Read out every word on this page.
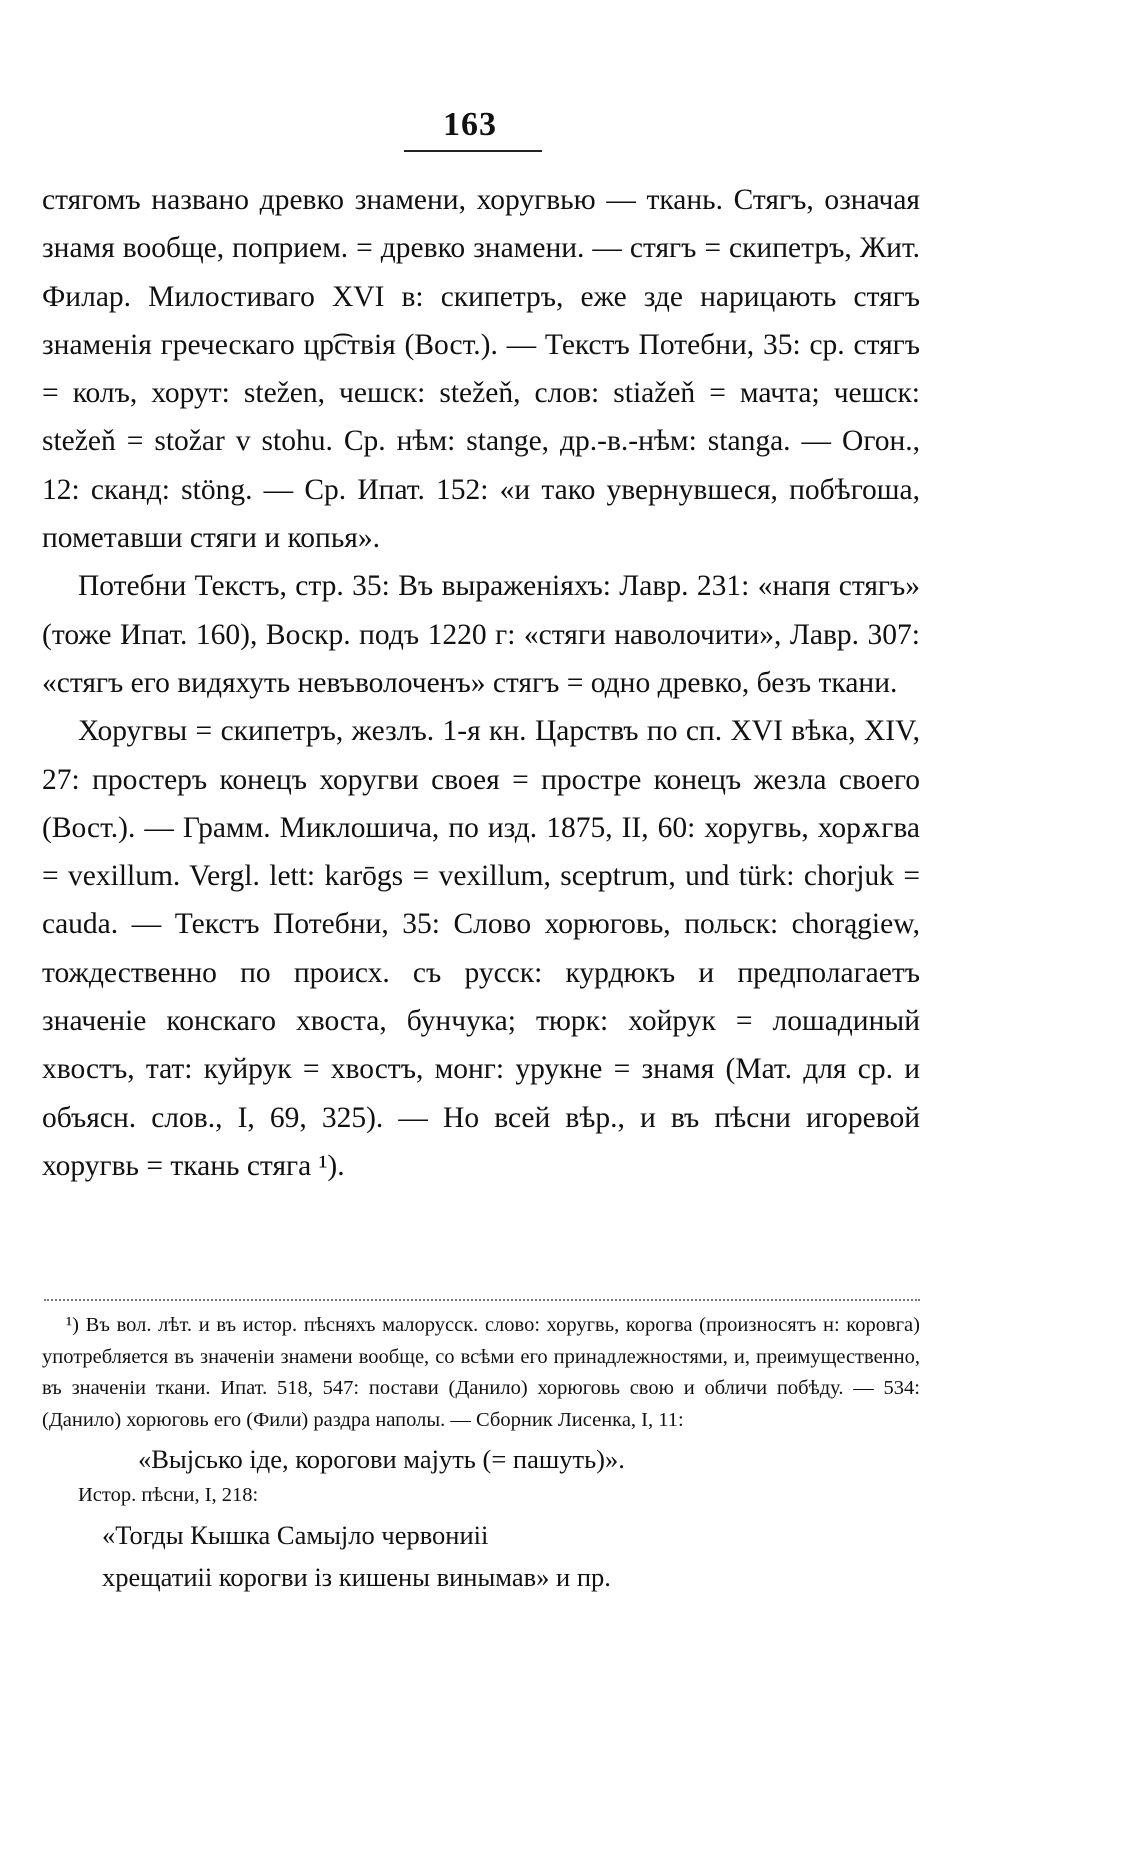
163

стягомъ названо древко знамени, хоругвью — ткань. Стягъ, означая знамя вообще, поприем. = древко знамени. — стягъ = скипетръ, Жит. Филар. Милостиваго XVI в: скипетръ, еже зде нарицають стягъ знаменія греческаго цр͡ствія (Вост.). — Текстъ Потебни, 35: ср. стягъ = колъ, хорут: stežen, чешск: stežeň, слов: stiažeň = мачта; чешск: stežeň = stožar v stohu. Ср. нѣм: stange, др.-в.-нѣм: stanga. — Огон., 12: сканд: stöng. — Ср. Ипат. 152: «и тако увернувшеся, побѣгоша, пометавши стяги и копья».

Потебни Текстъ, стр. 35: Въ выраженіяхъ: Лавр. 231: «напя стягъ» (тоже Ипат. 160), Воскр. подъ 1220 г: «стяги наволочити», Лавр. 307: «стягъ его видяхуть невъволоченъ» стягъ = одно древко, безъ ткани.

Хоругвы = скипетръ, жезлъ. 1-я кн. Царствъ по сп. XVI вѣка, XIV, 27: простеръ конецъ хоругви своея = простре конецъ жезла своего (Вост.). — Грамм. Миклошича, по изд. 1875, II, 60: хоругвь, хорѫгва = vexillum. Vergl. lett: karōgs = vexillum, sceptrum, und türk: chorjuk = cauda. — Текстъ Потебни, 35: Слово хорюговь, польск: chorągiew, тождественно по происх. съ русск: курдюкъ и предполагаетъ значеніе конскаго хвоста, бунчука; тюрк: хойрук = лошадиный хвостъ, тат: куйрук = хвостъ, монг: урукне = знамя (Мат. для ср. и объясн. слов., I, 69, 325). — Но всей вѣр., и въ пѣсни игоревой хоругвь = ткань стяга ¹).

¹) Въ вол. лѣт. и въ истор. пѣсняхъ малорусск. слово: хоругвь, корогва (произносятъ н: коровга) употребляется въ значеніи знамени вообще, со всѣми его принадлежностями, и, преимущественно, въ значеніи ткани. Ипат. 518, 547: постави (Данило) хорюговь свою и обличи побѣду. — 534: (Данило) хорюговь его (Фили) раздра наполы. — Сборник Лисенка, I, 11:

«Выјсько іде, корогови мајуть (= пашуть)».

Истор. пѣсни, I, 218:

«Тогды Кышка Самыјло червониіі

хрещатиіі корогви із кишены винымав» и пр.
